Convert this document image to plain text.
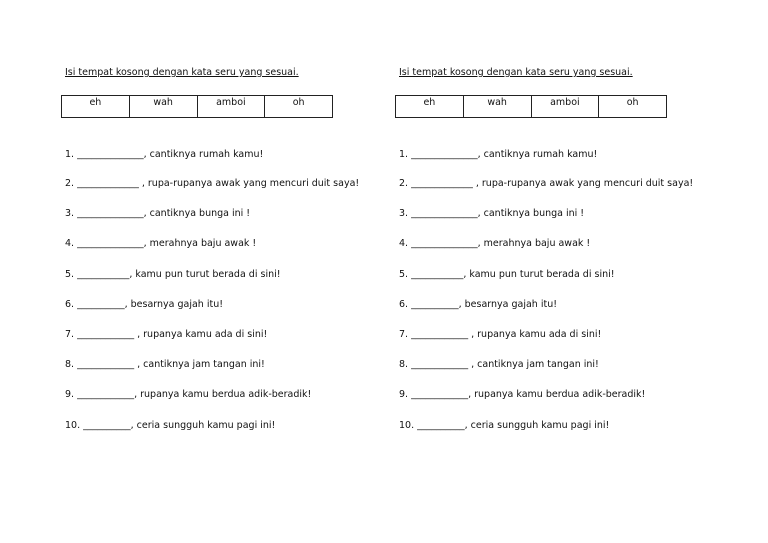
Isi tempat kosong dengan kata seru yang sesuai.
eh	wah	amboi	oh
1. ______________, cantiknya rumah kamu!
2. _____________ , rupa-rupanya awak yang mencuri duit saya!
3. ______________, cantiknya bunga ini !
4. ______________, merahnya baju awak !
5. ___________, kamu pun turut berada di sini!
6. __________, besarnya gajah itu!
7. ____________ , rupanya kamu ada di sini!
8. ____________ , cantiknya jam tangan ini!
9. ____________, rupanya kamu berdua adik-beradik!
10. __________, ceria sungguh kamu pagi ini!
Isi tempat kosong dengan kata seru yang sesuai.
eh	wah	amboi	oh
1. ______________, cantiknya rumah kamu!
2. _____________ , rupa-rupanya awak yang mencuri duit saya!
3. ______________, cantiknya bunga ini !
4. ______________, merahnya baju awak !
5. ___________, kamu pun turut berada di sini!
6. __________, besarnya gajah itu!
7. ____________ , rupanya kamu ada di sini!
8. ____________ , cantiknya jam tangan ini!
9. ____________, rupanya kamu berdua adik-beradik!
10. __________, ceria sungguh kamu pagi ini!
